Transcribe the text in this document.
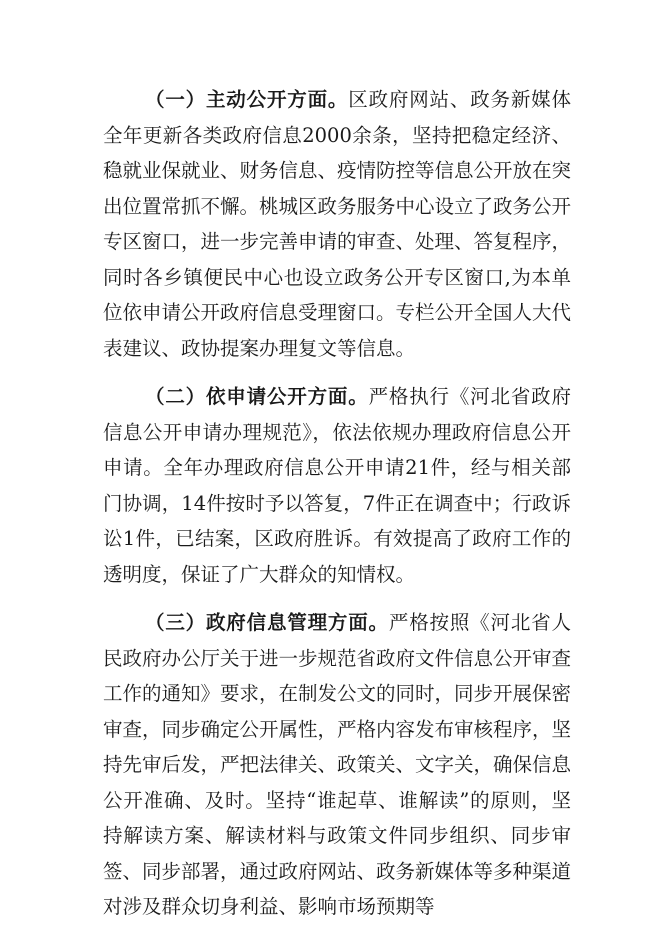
（一）主动公开方面。区政府网站、政务新媒体全年更新各类政府信息2000余条，坚持把稳定经济、稳就业保就业、财务信息、疫情防控等信息公开放在突出位置常抓不懈。桃城区政务服务中心设立了政务公开专区窗口，进一步完善申请的审查、处理、答复程序，同时各乡镇便民中心也设立政务公开专区窗口,为本单位依申请公开政府信息受理窗口。专栏公开全国人大代表建议、政协提案办理复文等信息。

（二）依申请公开方面。严格执行《河北省政府信息公开申请办理规范》，依法依规办理政府信息公开申请。全年办理政府信息公开申请21件，经与相关部门协调，14件按时予以答复，7件正在调查中；行政诉讼1件，已结案，区政府胜诉。有效提高了政府工作的透明度，保证了广大群众的知情权。

（三）政府信息管理方面。严格按照《河北省人民政府办公厅关于进一步规范省政府文件信息公开审查工作的通知》要求，在制发公文的同时，同步开展保密审查，同步确定公开属性，严格内容发布审核程序，坚持先审后发，严把法律关、政策关、文字关，确保信息公开准确、及时。坚持“谁起草、谁解读”的原则，坚持解读方案、解读材料与政策文件同步组织、同步审签、同步部署，通过政府网站、政务新媒体等多种渠道对涉及群众切身利益、影响市场预期等
